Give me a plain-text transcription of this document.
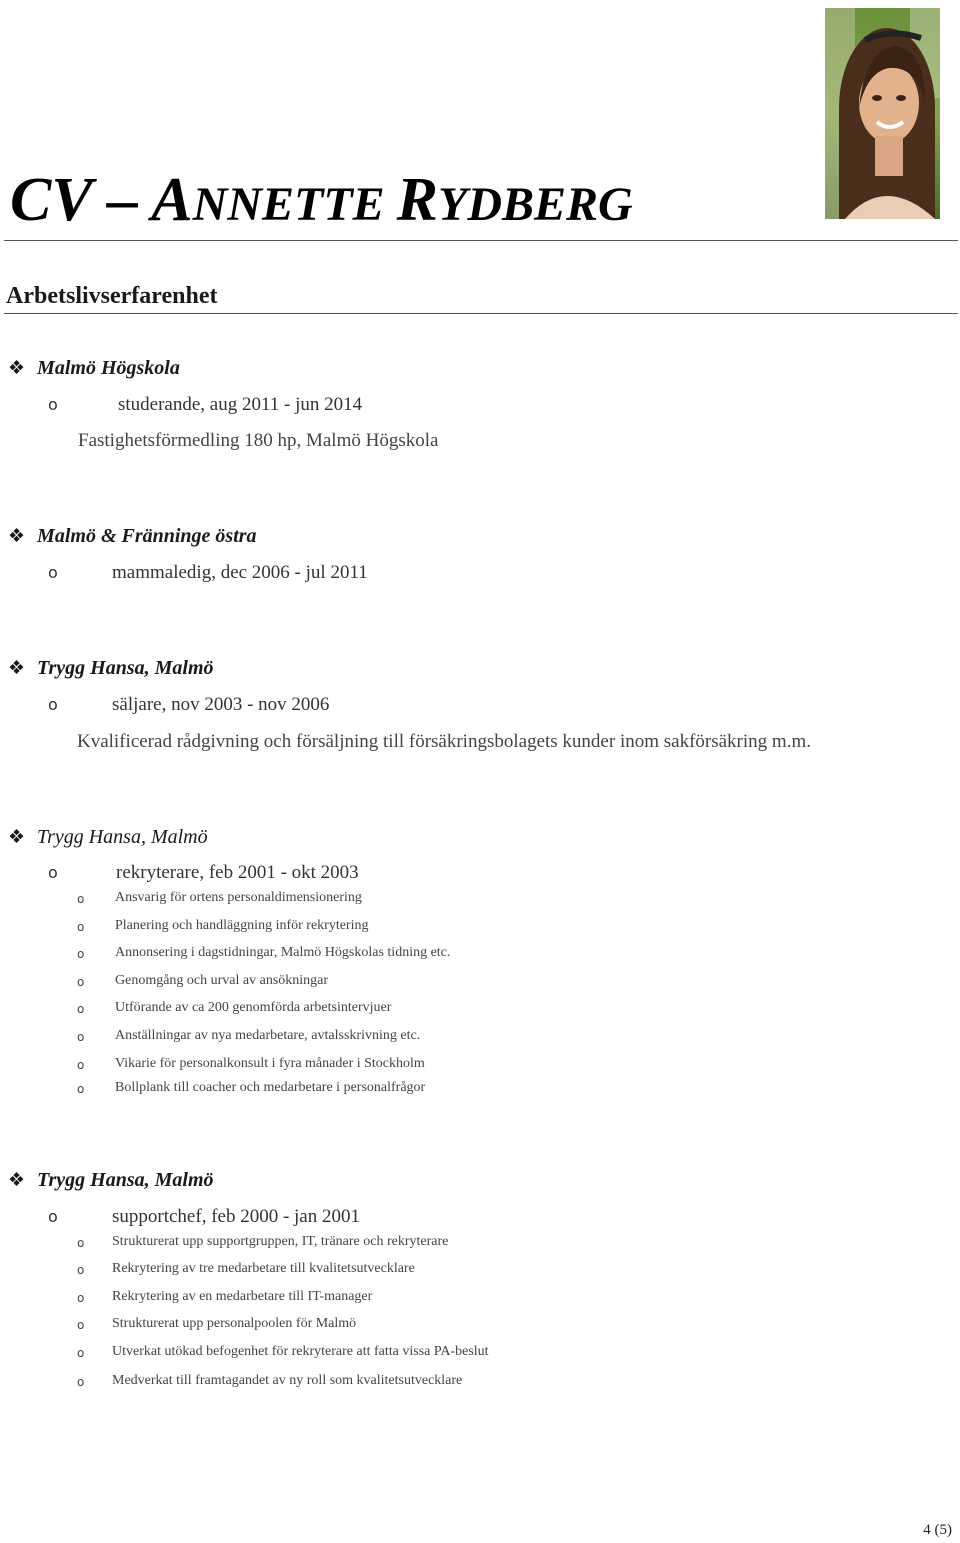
CV – ANNETTE RYDBERG
Arbetslivserfarenhet
❖ Malmö Högskola
o	studerande, aug 2011 - jun 2014
Fastighetsförmedling 180 hp, Malmö Högskola
❖ Malmö & Fränninge östra
o	mammaledig, dec 2006 - jul 2011
❖ Trygg Hansa, Malmö
o	säljare, nov 2003 - nov 2006
Kvalificerad rådgivning och försäljning till försäkringsbolagets kunder inom sakförsäkring m.m.
❖ Trygg Hansa, Malmö
o	rekryterare, feb 2001 - okt 2003
o Ansvarig för ortens personaldimensionering
o Planering och handläggning inför rekrytering
o Annonsering i dagstidningar, Malmö Högskolas tidning etc.
o Genomgång och urval av ansökningar
o Utförande av ca 200 genomförda arbetsintervjuer
o Anställningar av nya medarbetare, avtalsskrivning etc.
o Vikarie för personalkonsult i fyra månader i Stockholm
o Bollplank till coacher och medarbetare i personalfrågor
❖ Trygg Hansa, Malmö
o	supportchef, feb 2000 - jan 2001
o Strukturerat upp supportgruppen, IT, tränare och rekryterare
o Rekrytering av tre medarbetare till kvalitetsutvecklare
o Rekrytering av en medarbetare till IT-manager
o Strukturerat upp personalpoolen för Malmö
o Utverkat utökad befogenhet för rekryterare att fatta vissa PA-beslut
o Medverkat till framtagandet av ny roll som kvalitetsutvecklare
4 (5)
